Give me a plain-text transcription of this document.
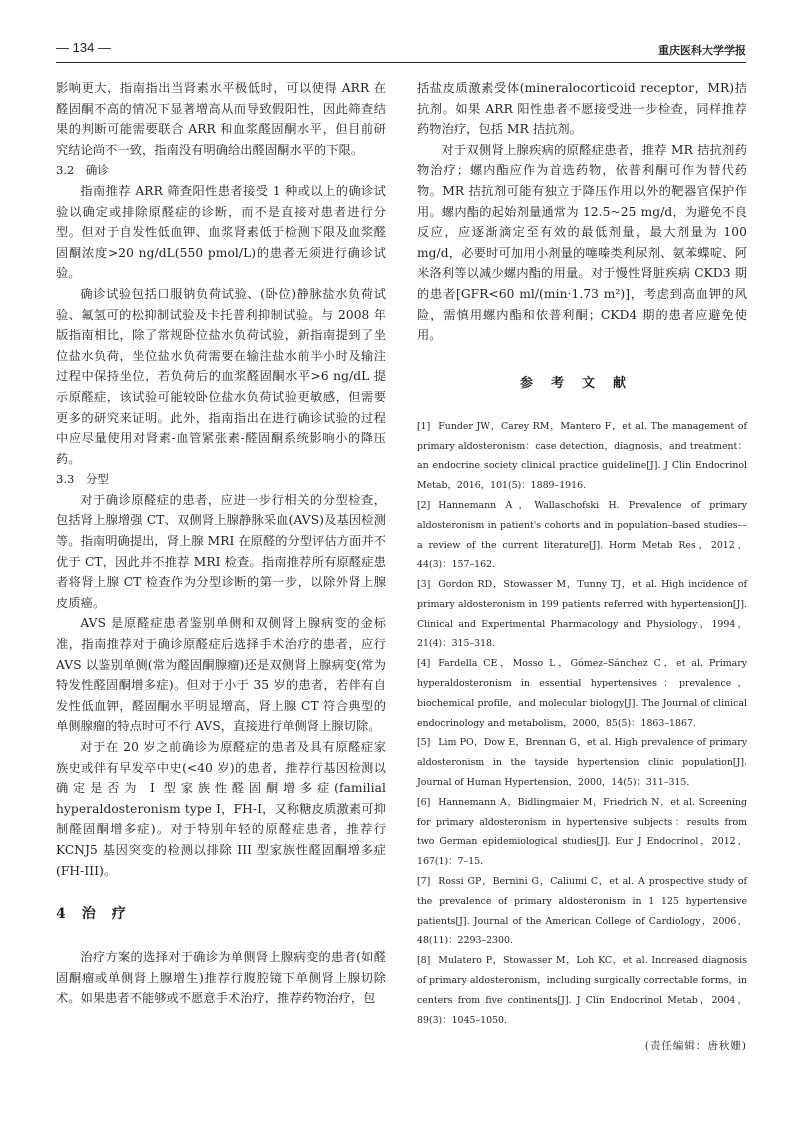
— 134 —	重庆医科大学学报

影响更大，指南指出当肾素水平极低时，可以使得 ARR 在醛固酮不高的情况下显著增高从而导致假阳性，因此筛查结果的判断可能需要联合 ARR 和血浆醛固酮水平，但目前研究结论尚不一致，指南没有明确给出醛固酮水平的下限。

3.2　确诊

指南推荐 ARR 筛查阳性患者接受 1 种或以上的确诊试验以确定或排除原醛症的诊断，而不是直接对患者进行分型。但对于自发性低血钾、血浆肾素低于检测下限及血浆醛固酮浓度>20 ng/dL(550 pmol/L)的患者无须进行确诊试验。

确诊试验包括口服钠负荷试验、(卧位)静脉盐水负荷试验、氟氢可的松抑制试验及卡托普利抑制试验。与 2008 年版指南相比，除了常规卧位盐水负荷试验，新指南提到了坐位盐水负荷，坐位盐水负荷需要在输注盐水前半小时及输注过程中保持坐位，若负荷后的血浆醛固酮水平>6 ng/dL 提示原醛症，该试验可能较卧位盐水负荷试验更敏感，但需要更多的研究来证明。此外，指南指出在进行确诊试验的过程中应尽量使用对肾素-血管紧张素-醛固酮系统影响小的降压药。

3.3　分型

对于确诊原醛症的患者，应进一步行相关的分型检查，包括肾上腺增强 CT、双侧肾上腺静脉采血(AVS)及基因检测等。指南明确提出，肾上腺 MRI 在原醛的分型评估方面并不优于 CT，因此并不推荐 MRI 检查。指南推荐所有原醛症患者将肾上腺 CT 检查作为分型诊断的第一步，以除外肾上腺皮质癌。

AVS 是原醛症患者鉴别单侧和双侧肾上腺病变的金标准，指南推荐对于确诊原醛症后选择手术治疗的患者，应行 AVS 以鉴别单侧(常为醛固酮腺瘤)还是双侧肾上腺病变(常为特发性醛固酮增多症)。但对于小于 35 岁的患者，若伴有自发性低血钾，醛固酮水平明显增高，肾上腺 CT 符合典型的单侧腺瘤的特点时可不行 AVS，直接进行单侧肾上腺切除。

对于在 20 岁之前确诊为原醛症的患者及具有原醛症家族史或伴有早发卒中史(<40 岁)的患者，推荐行基因检测以确定是否为 I 型家族性醛固酮增多症(familial hyperaldosteronism type I，FH-I，又称糖皮质激素可抑制醛固酮增多症)。对于特别年轻的原醛症患者，推荐行 KCNJ5 基因突变的检测以排除 III 型家族性醛固酮增多症(FH-III)。

4　治　疗

治疗方案的选择对于确诊为单侧肾上腺病变的患者(如醛固酮瘤或单侧肾上腺增生)推荐行腹腔镜下单侧肾上腺切除术。如果患者不能够或不愿意手术治疗，推荐药物治疗，包

括盐皮质激素受体(mineralocorticoid receptor，MR)拮抗剂。如果 ARR 阳性患者不愿接受进一步检查，同样推荐药物治疗，包括 MR 拮抗剂。

对于双侧肾上腺疾病的原醛症患者，推荐 MR 拮抗剂药物治疗；螺内酯应作为首选药物，依普利酮可作为替代药物。MR 拮抗剂可能有独立于降压作用以外的靶器官保护作用。螺内酯的起始剂量通常为 12.5~25 mg/d，为避免不良反应，应逐渐滴定至有效的最低剂量，最大剂量为 100 mg/d，必要时可加用小剂量的噻嗪类利尿剂、氨苯蝶啶、阿米洛利等以减少螺内酯的用量。对于慢性肾脏疾病 CKD3 期的患者[GFR<60 ml/(min·1.73 m²)]，考虑到高血钾的风险，需慎用螺内酯和依普利酮；CKD4 期的患者应避免使用。

参考文献

[1] Funder JW，Carey RM，Mantero F，et al. The management of primary aldosteronism：case detection，diagnosis，and treatment：an endocrine society clinical practice guideline[J]. J Clin Endocrinol Metab，2016，101(5)：1889–1916.

[2] Hannemann A，Wallaschofski H. Prevalence of primary aldosteronism in patient's cohorts and in population–based studies––a review of the current literature[J]. Horm Metab Res，2012，44(3)：157–162.

[3] Gordon RD，Stowasser M，Tunny TJ，et al. High incidence of primary aldosteronism in 199 patients referred with hypertension[J]. Clinical and Experimental Pharmacology and Physiology，1994，21(4)：315–318.

[4] Fardella CE，Mosso L，Gómez–Sánchez C，et al. Primary hyperaldosteronism in essential hypertensives：prevalence，biochemical profile，and molecular biology[J]. The Journal of clinical endocrinology and metabolism，2000，85(5)：1863–1867.

[5] Lim PO，Dow E，Brennan G，et al. High prevalence of primary aldosteronism in the tayside hypertension clinic population[J]. Journal of Human Hypertension，2000，14(5)：311–315.

[6] Hannemann A，Bidlingmaier M，Friedrich N，et al. Screening for primary aldosteronism in hypertensive subjects：results from two German epidemiological studies[J]. Eur J Endocrinol，2012，167(1)：7–15.

[7] Rossi GP，Bernini G，Caliumi C，et al. A prospective study of the prevalence of primary aldosteronism in 1 125 hypertensive patients[J]. Journal of the American College of Cardiology，2006，48(11)：2293–2300.

[8] Mulatero P，Stowasser M，Loh KC，et al. Increased diagnosis of primary aldosteronism，including surgically correctable forms，in centers from five continents[J]. J Clin Endocrinol Metab，2004，89(3)：1045–1050.

(责任编辑：唐秋姗)
